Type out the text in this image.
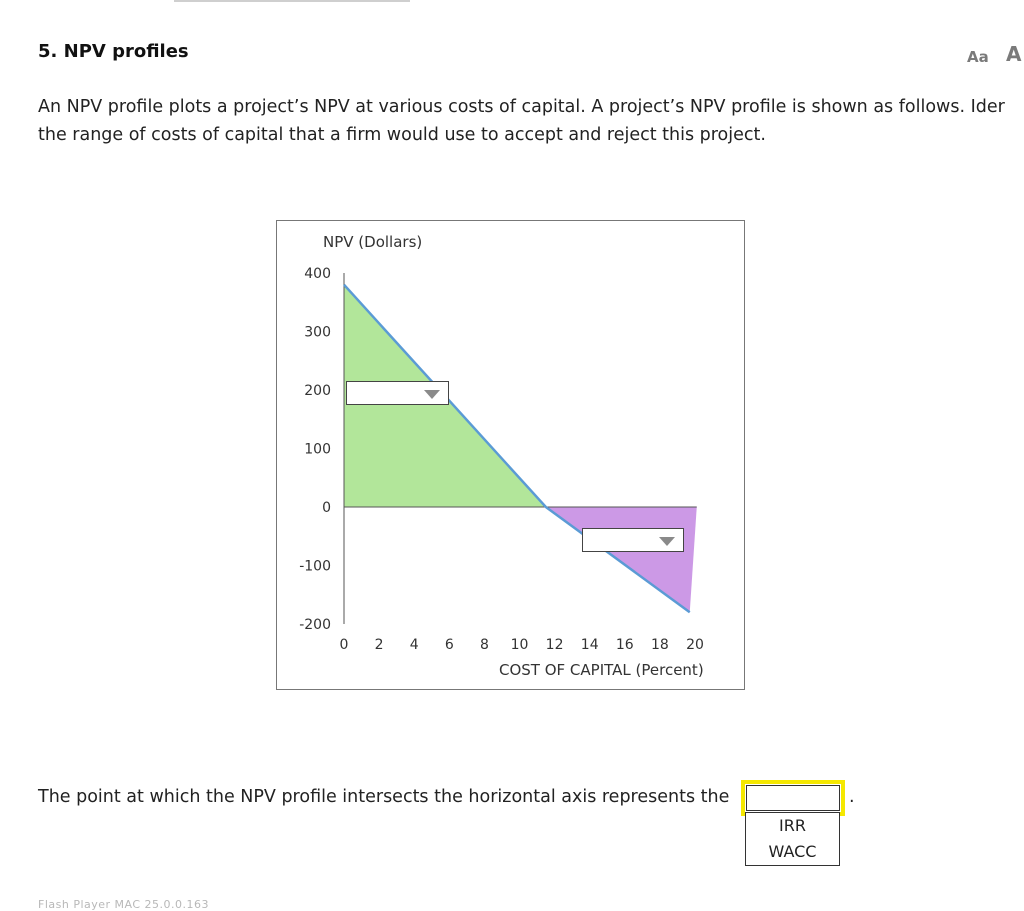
5. NPV profiles	Aa A
An NPV profile plots a project’s NPV at various costs of capital. A project’s NPV profile is shown as follows. Ider
the range of costs of capital that a firm would use to accept and reject this project.
400
300
200
100
0
-100
-200
0 2 4 6 8 10 12 14 16 18 20
NPV (Dollars)
COST OF CAPITAL (Percent)
The point at which the NPV profile intersects the horizontal axis represents the	.
IRR
WACC
Flash Player MAC 25.0.0.163
